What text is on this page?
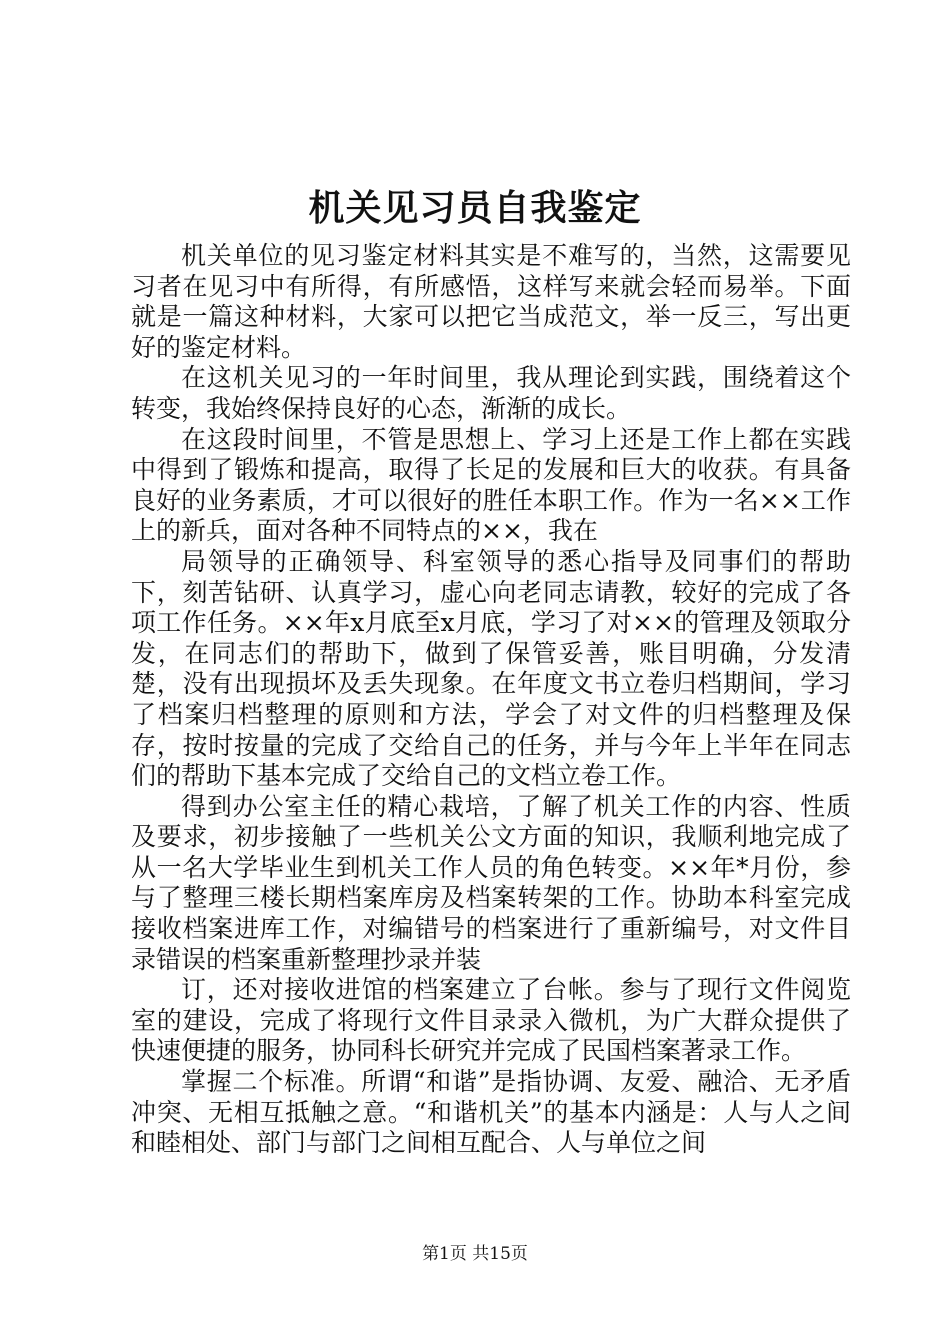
机关见习员自我鉴定

机关单位的见习鉴定材料其实是不难写的，当然，这需要见习者在见习中有所得，有所感悟，这样写来就会轻而易举。下面就是一篇这种材料，大家可以把它当成范文，举一反三，写出更好的鉴定材料。

在这机关见习的一年时间里，我从理论到实践，围绕着这个转变，我始终保持良好的心态，渐渐的成长。

在这段时间里，不管是思想上、学习上还是工作上都在实践中得到了锻炼和提高，取得了长足的发展和巨大的收获。有具备良好的业务素质，才可以很好的胜任本职工作。作为一名××工作上的新兵，面对各种不同特点的××，我在

局领导的正确领导、科室领导的悉心指导及同事们的帮助下，刻苦钻研、认真学习，虚心向老同志请教，较好的完成了各项工作任务。××年x月底至x月底，学习了对××的管理及领取分发，在同志们的帮助下，做到了保管妥善，账目明确，分发清楚，没有出现损坏及丢失现象。在年度文书立卷归档期间，学习了档案归档整理的原则和方法，学会了对文件的归档整理及保存，按时按量的完成了交给自己的任务，并与今年上半年在同志们的帮助下基本完成了交给自己的文档立卷工作。

得到办公室主任的精心栽培，了解了机关工作的内容、性质及要求，初步接触了一些机关公文方面的知识，我顺利地完成了从一名大学毕业生到机关工作人员的角色转变。××年*月份，参与了整理三楼长期档案库房及档案转架的工作。协助本科室完成接收档案进库工作，对编错号的档案进行了重新编号，对文件目录错误的档案重新整理抄录并装

订，还对接收进馆的档案建立了台帐。参与了现行文件阅览室的建设，完成了将现行文件目录录入微机，为广大群众提供了快速便捷的服务，协同科长研究并完成了民国档案著录工作。

掌握二个标准。所谓“和谐”是指协调、友爱、融洽、无矛盾冲突、无相互抵触之意。“和谐机关”的基本内涵是：人与人之间和睦相处、部门与部门之间相互配合、人与单位之间

第1页 共15页
